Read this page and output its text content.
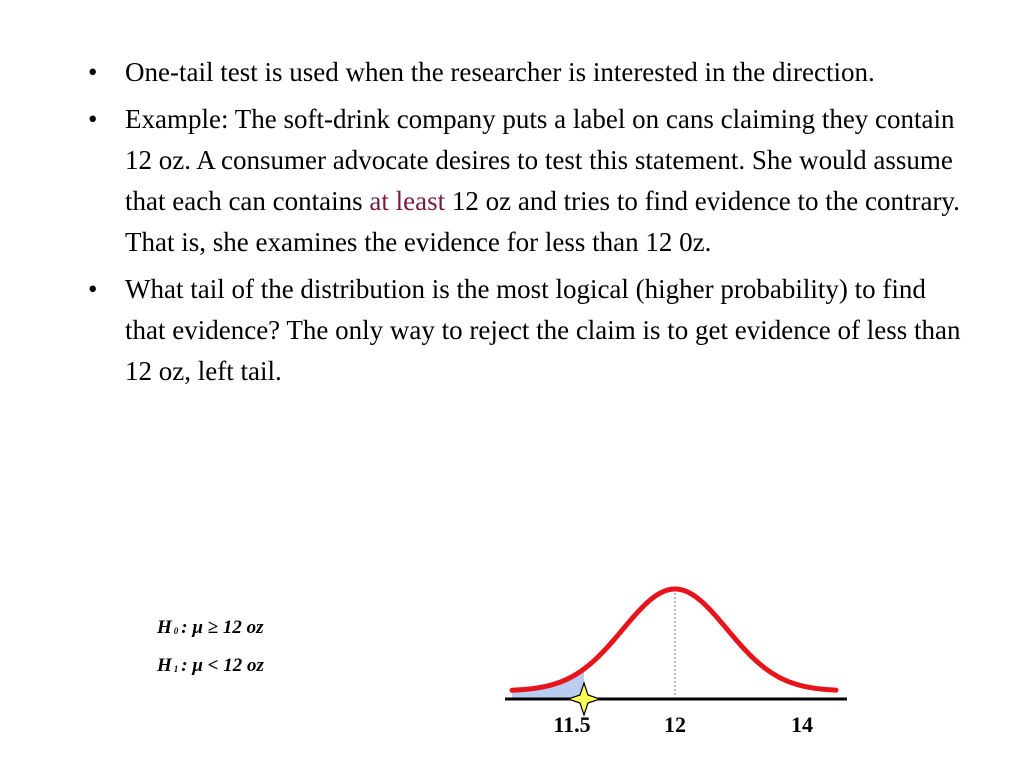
• One-tail test is used when the researcher is interested in the direction.
• Example: The soft-drink company puts a label on cans claiming they contain 12 oz. A consumer advocate desires to test this statement. She would assume that each can contains at least 12 oz and tries to find evidence to the contrary. That is, she examines the evidence for less than 12 0z.
• What tail of the distribution is the most logical (higher probability) to find that evidence? The only way to reject the claim is to get evidence of less than 12 oz, left tail.
H $_0$ : μ ≥ 12 oz
H $_1$ : μ < 12 oz
11.5	12	14
